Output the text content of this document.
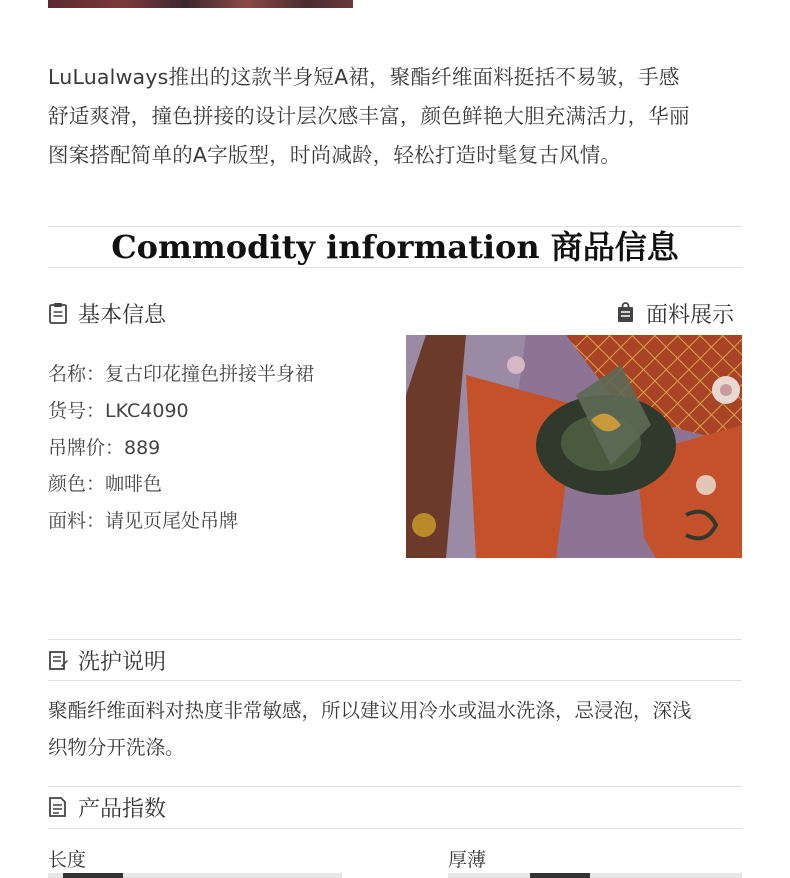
LuLualways推出的这款半身短A裙，聚酯纤维面料挺括不易皱，手感
舒适爽滑，撞色拼接的设计层次感丰富，颜色鲜艳大胆充满活力，华丽
图案搭配简单的A字版型，时尚减龄，轻松打造时髦复古风情。
Commodity information 商品信息
基本信息	面料展示
名称：复古印花撞色拼接半身裙
货号：LKC4090
吊牌价：889
颜色：咖啡色
面料：请见页尾处吊牌
洗护说明
聚酯纤维面料对热度非常敏感，所以建议用冷水或温水洗涤，忌浸泡，深浅
织物分开洗涤。
产品指数
长度	厚薄
